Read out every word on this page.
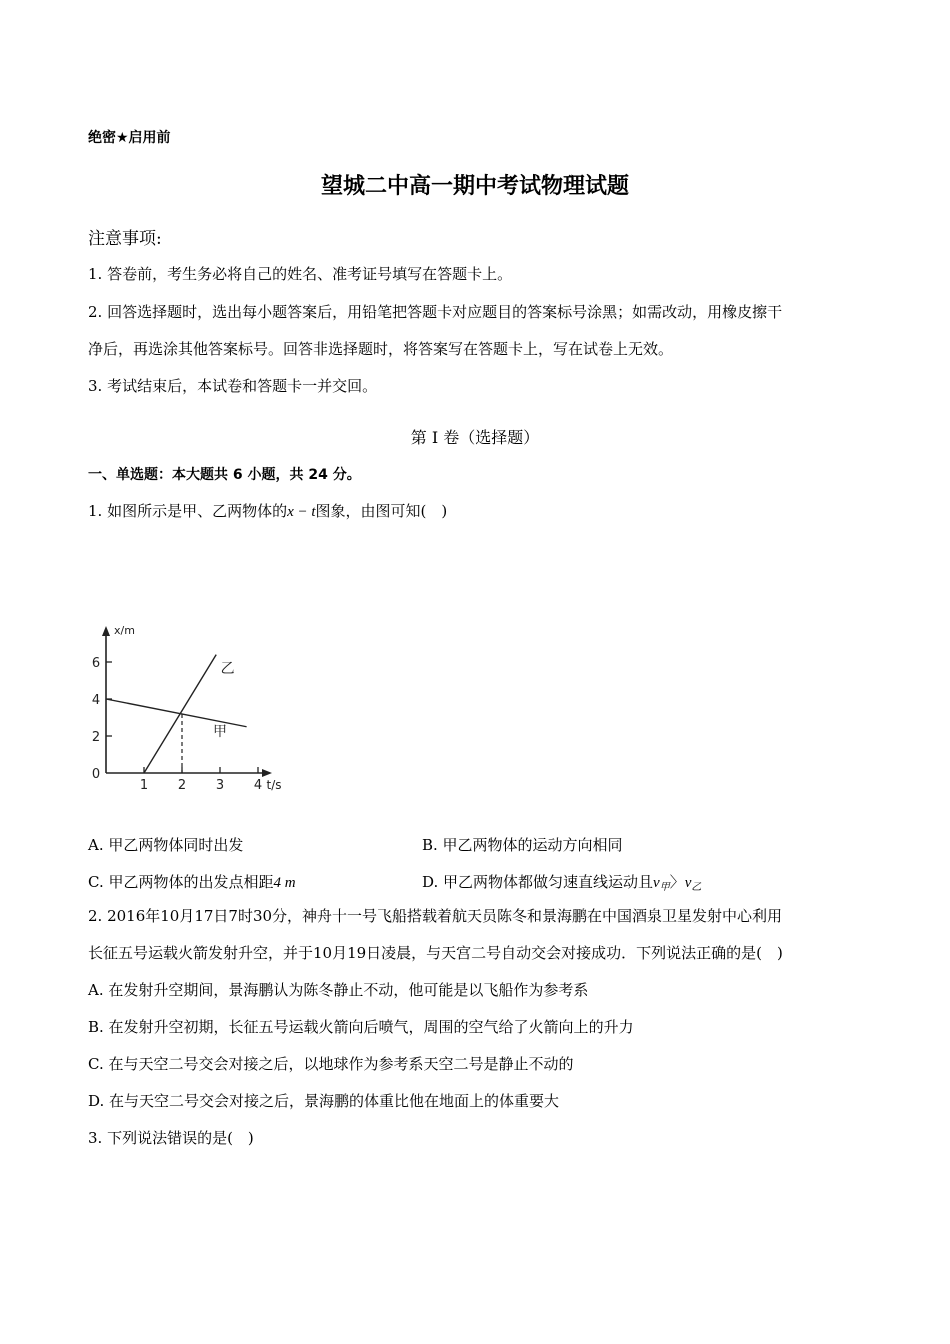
绝密★启用前
望城二中高一期中考试物理试题
注意事项:
1. 答卷前，考生务必将自己的姓名、准考证号填写在答题卡上。
2. 回答选择题时，选出每小题答案后，用铅笔把答题卡对应题目的答案标号涂黑；如需改动，用橡皮擦干
净后，再选涂其他答案标号。回答非选择题时，将答案写在答题卡上，写在试卷上无效。
3. 考试结束后，本试卷和答题卡一并交回。
第 I 卷（选择题）
一、单选题：本大题共 6 小题，共 24 分。
1. 如图所示是甲、乙两物体的x − t图象，由图可知(　)
x/m
t/s
0
2
4
6
1 2 3 4
甲
乙
A. 甲乙两物体同时出发	B. 甲乙两物体的运动方向相同
C. 甲乙两物体的出发点相距4 m	D. 甲乙两物体都做匀速直线运动且$v_甲$〉$v_乙$
2. 2016年10月17日7时30分，神舟十一号飞船搭载着航天员陈冬和景海鹏在中国酒泉卫星发射中心利用
长征五号运载火箭发射升空，并于10月19日凌晨，与天宫二号自动交会对接成功．下列说法正确的是(　)
A. 在发射升空期间，景海鹏认为陈冬静止不动，他可能是以飞船作为参考系
B. 在发射升空初期，长征五号运载火箭向后喷气，周围的空气给了火箭向上的升力
C. 在与天空二号交会对接之后，以地球作为参考系天空二号是静止不动的
D. 在与天空二号交会对接之后，景海鹏的体重比他在地面上的体重要大
3. 下列说法错误的是(　)
